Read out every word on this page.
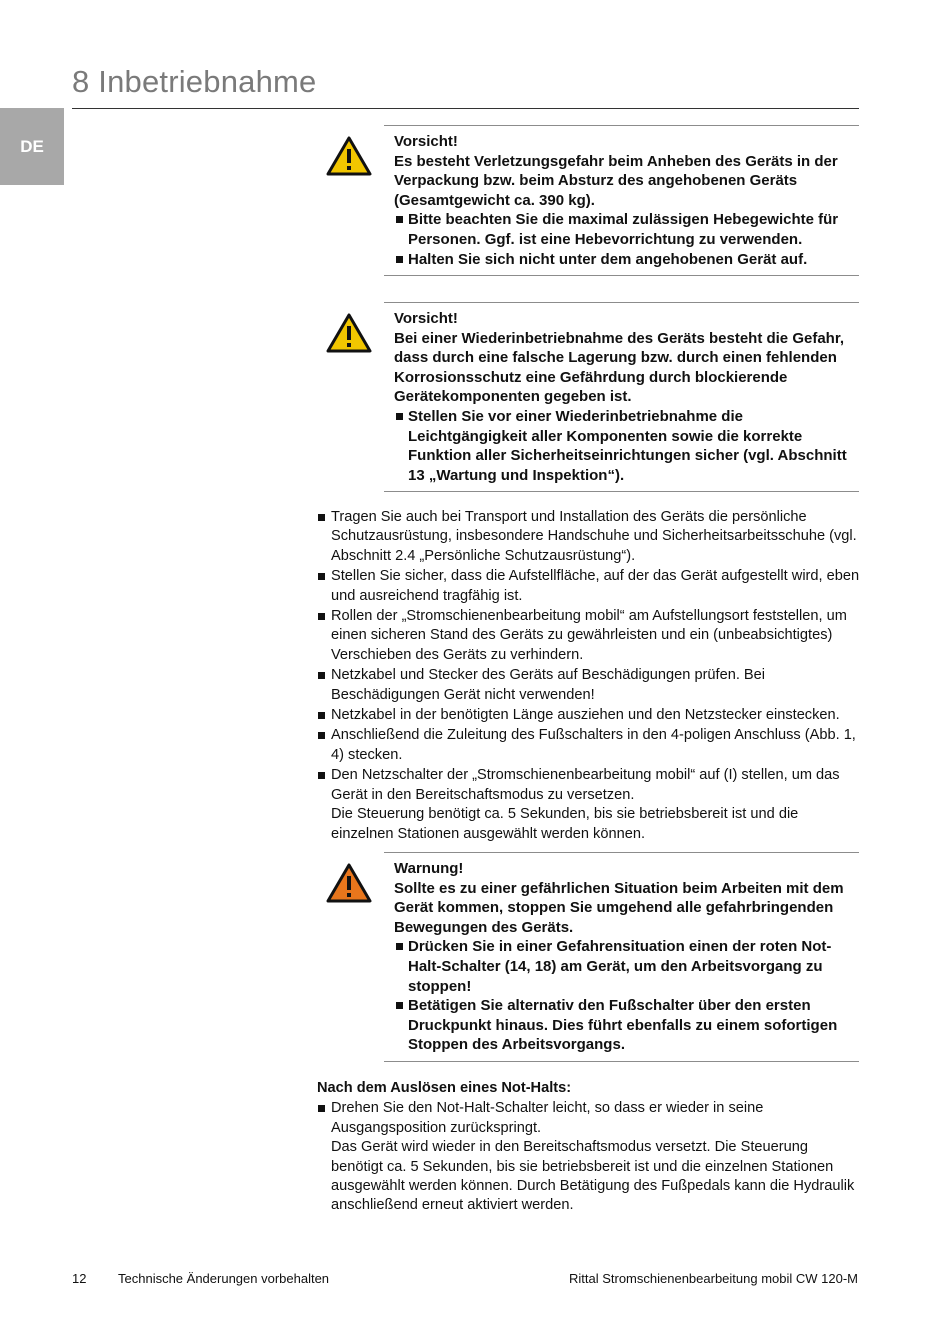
8 Inbetriebnahme
DE	Vorsicht!

Es besteht Verletzungsgefahr beim Anheben des Geräts in der Verpackung bzw. beim Absturz des angehobenen Geräts (Gesamtgewicht ca. 390 kg).

Bitte beachten Sie die maximal zulässigen Hebegewichte für Personen. Ggf. ist eine Hebevorrichtung zu verwenden.

Halten Sie sich nicht unter dem angehobenen Gerät auf.

Vorsicht!

Bei einer Wiederinbetriebnahme des Geräts besteht die Gefahr, dass durch eine falsche Lagerung bzw. durch einen fehlenden Korrosionsschutz eine Gefährdung durch blockierende Gerätekomponenten gegeben ist.

Stellen Sie vor einer Wiederinbetriebnahme die Leichtgängigkeit aller Komponenten sowie die korrekte Funktion aller Sicherheitseinrichtungen sicher (vgl. Abschnitt 13 „Wartung und Inspektion“).

Tragen Sie auch bei Transport und Installation des Geräts die persönliche Schutzausrüstung, insbesondere Handschuhe und Sicherheitsarbeitsschuhe (vgl. Abschnitt 2.4 „Persönliche Schutzausrüstung“).

Stellen Sie sicher, dass die Aufstellfläche, auf der das Gerät aufgestellt wird, eben und ausreichend tragfähig ist.

Rollen der „Stromschienenbearbeitung mobil“ am Aufstellungsort feststellen, um einen sicheren Stand des Geräts zu gewährleisten und ein (unbeabsichtigtes) Verschieben des Geräts zu verhindern.

Netzkabel und Stecker des Geräts auf Beschädigungen prüfen. Bei Beschädigungen Gerät nicht verwenden!

Netzkabel in der benötigten Länge ausziehen und den Netzstecker einstecken.

Anschließend die Zuleitung des Fußschalters in den 4-poligen Anschluss (Abb. 1, 4) stecken.

Den Netzschalter der „Stromschienenbearbeitung mobil“ auf (I) stellen, um das Gerät in den Bereitschaftsmodus zu versetzen.

Die Steuerung benötigt ca. 5 Sekunden, bis sie betriebsbereit ist und die einzelnen Stationen ausgewählt werden können.

Warnung!

Sollte es zu einer gefährlichen Situation beim Arbeiten mit dem Gerät kommen, stoppen Sie umgehend alle gefahrbringenden Bewegungen des Geräts.

Drücken Sie in einer Gefahrensituation einen der roten Not-Halt-Schalter (14, 18) am Gerät, um den Arbeitsvorgang zu stoppen!

Betätigen Sie alternativ den Fußschalter über den ersten Druckpunkt hinaus. Dies führt ebenfalls zu einem sofortigen Stoppen des Arbeitsvorgangs.

Nach dem Auslösen eines Not-Halts:

Drehen Sie den Not-Halt-Schalter leicht, so dass er wieder in seine Ausgangsposition zurückspringt.

Das Gerät wird wieder in den Bereitschaftsmodus versetzt. Die Steuerung benötigt ca. 5 Sekunden, bis sie betriebsbereit ist und die einzelnen Stationen ausgewählt werden können. Durch Betätigung des Fußpedals kann die Hydraulik anschließend erneut aktiviert werden.

12 Technische Änderungen vorbehalten	Rittal Stromschienenbearbeitung mobil CW 120-M
